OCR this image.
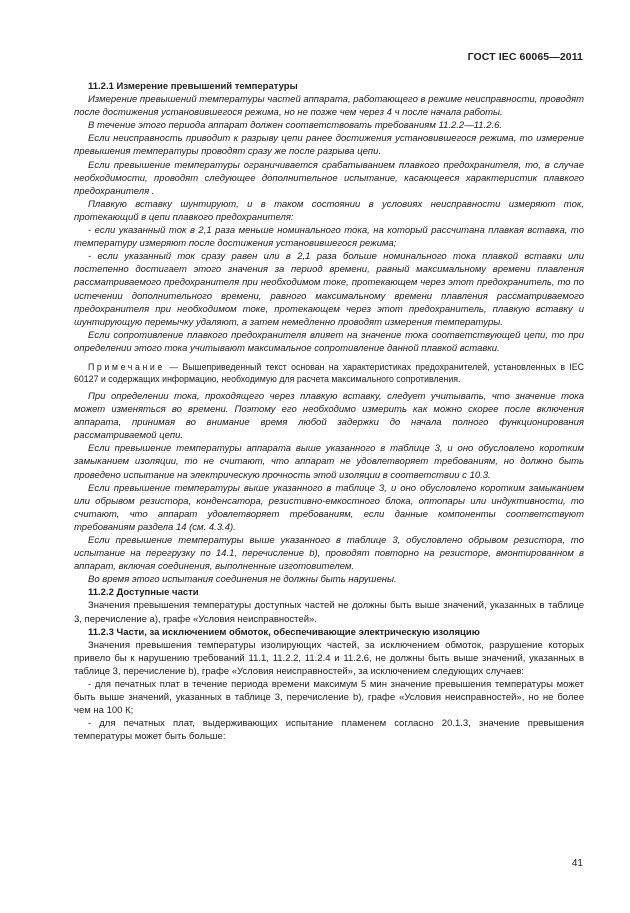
ГОСТ IEC 60065—2011
11.2.1 Измерение превышений температуры

Измерение превышений температуры частей аппарата, работающего в режиме неисправности, проводят после достижения установившегося режима, но не позже чем через 4 ч после начала работы.

В течение этого периода аппарат должен соответствовать требованиям 11.2.2—11.2.6.

Если неисправность приводит к разрыву цепи ранее достижения установившегося режима, то измерение превышения температуры проводят сразу же после разрыва цепи.

Если превышение температуры ограничивается срабатыванием плавкого предохранителя, то, в случае необходимости, проводят следующее дополнительное испытание, касающееся характеристик плавкого предохранителя .

Плавкую вставку шунтируют, и в таком состоянии в условиях неисправности измеряют ток, протекающий в цепи плавкого предохранителя:

- если указанный ток в 2,1 раза меньше номинального тока, на который рассчитана плавкая вставка, то температуру измеряют после достижения установившегося режима;

- если указанный ток сразу равен или в 2,1 раза больше номинального тока плавкой вставки или постепенно достигает этого значения за период времени, равный максимальному времени плавления рассматриваемого предохранителя при необходимом токе, протекающем через этот предохранитель, то по истечении дополнительного времени, равного максимальному времени плавления рассматриваемого предохранителя при необходимом токе, протекающем через этот предохранитель, плавкую вставку и шунтирующую перемычку удаляют, а затем немедленно проводят измерения температуры.

Если сопротивление плавкого предохранителя влияет на значение тока соответствующей цепи, то при определении этого тока учитывают максимальное сопротивление данной плавкой вставки.

Примечание — Вышеприведенный текст основан на характеристиках предохранителей, установленных в IEC 60127 и содержащих информацию, необходимую для расчета максимального сопротивления.

При определении тока, проходящего через плавкую вставку, следует учитывать, что значение тока может изменяться во времени. Поэтому его необходимо измерить как можно скорее после включения аппарата, принимая во внимание время любой задержки до начала полного функционирования рассматриваемой цепи.

Если превышение температуры аппарата выше указанного в таблице 3, и оно обусловлено коротким замыканием изоляции, то не считают, что аппарат не удовлетворяет требованиям, но должно быть проведено испытание на электрическую прочность этой изоляции в соответствии с 10.3.

Если превышение температуры выше указанного в таблице 3, и оно обусловлено коротким замыканием или обрывом резистора, конденсатора, резистивно-емкостного блока, оптопары или индуктивности, то считают, что аппарат удовлетворяет требованиям, если данные компоненты соответствуют требованиям раздела 14 (см. 4.3.4).

Если превышение температуры выше указанного в таблице 3, обусловлено обрывом резистора, то испытание на перегрузку по 14.1, перечисление b), проводят повторно на резисторе, вмонтированном в аппарат, включая соединения, выполненные изготовителем.

Во время этого испытания соединения не должны быть нарушены.

11.2.2 Доступные части

Значения превышения температуры доступных частей не должны быть выше значений, указанных в таблице 3, перечисление а), графе «Условия неисправностей».

11.2.3 Части, за исключением обмоток, обеспечивающие электрическую изоляцию

Значения превышения температуры изолирующих частей, за исключением обмоток, разрушение которых привело бы к нарушению требований 11.1, 11.2.2, 11.2.4 и 11.2.6, не должны быть выше значений, указанных в таблице 3, перечисление b), графе «Условия неисправностей», за исключением следующих случаев:

- для печатных плат в течение периода времени максимум 5 мин значение превышения температуры может быть выше значений, указанных в таблице 3, перечисление b), графе «Условия неисправностей», но не более чем на 100 К;

- для печатных плат, выдерживающих испытание пламенем согласно 20.1.3, значение превышения температуры может быть больше:

41
